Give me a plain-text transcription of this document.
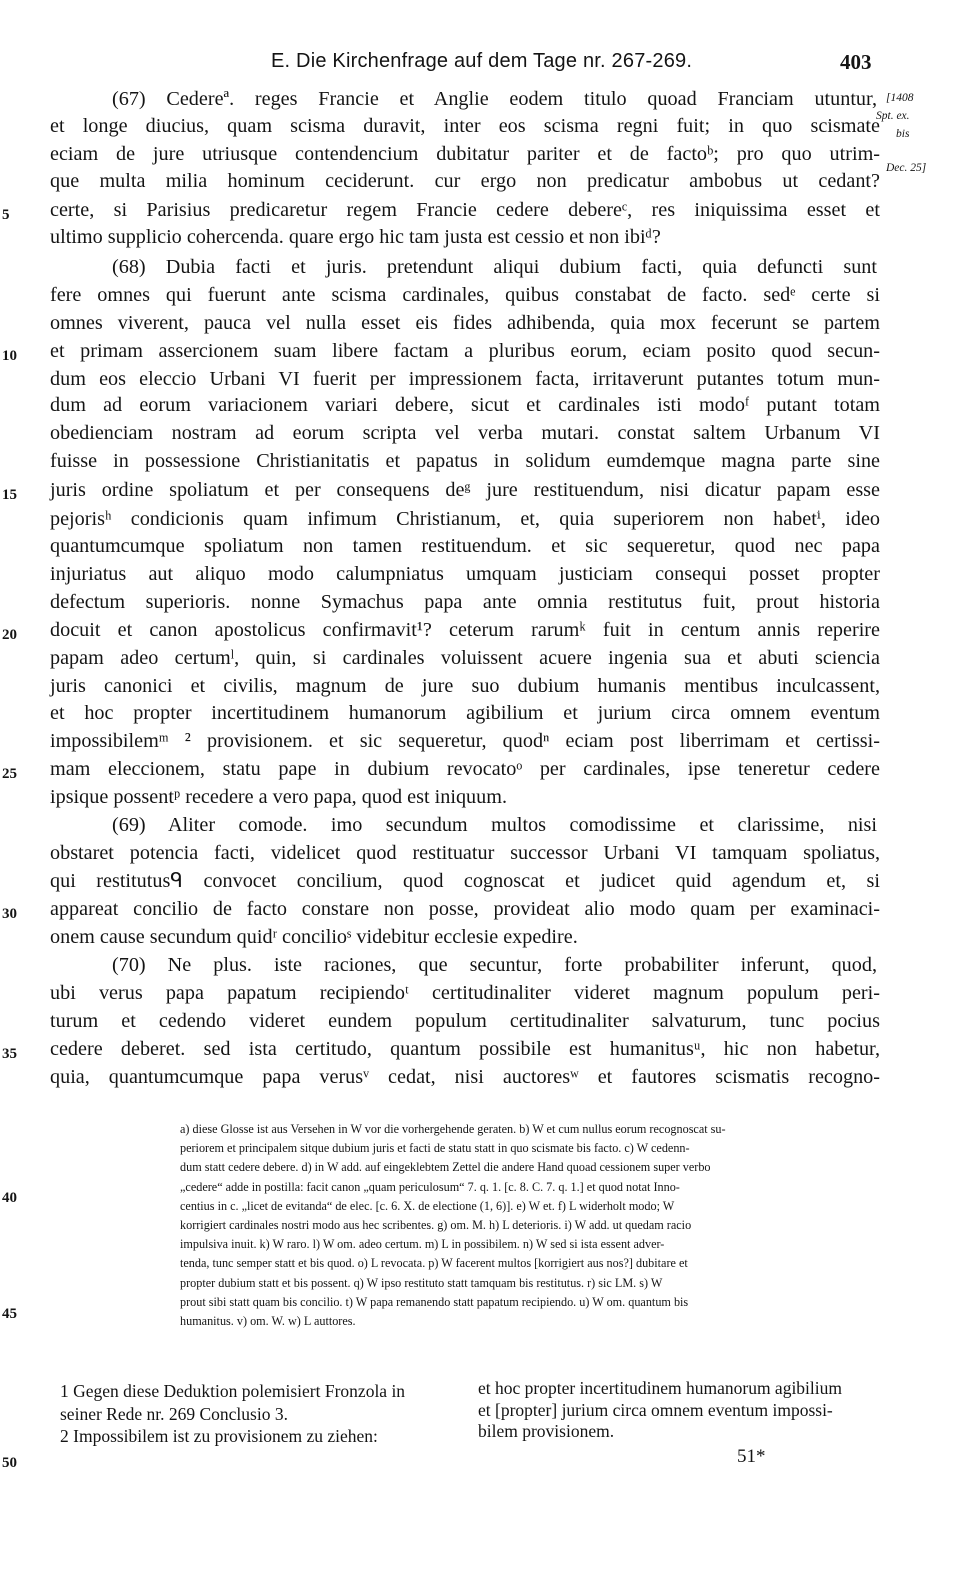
E. Die Kirchenfrage auf dem Tage nr. 267-269.	403
[1408
Spt. ex.
bis
Dec. 25]
(67) Cedereª. reges Francie et Anglie eodem titulo quoad Franciam utuntur,
et longe diucius, quam scisma duravit, inter eos scisma regni fuit; in quo scismate
eciam de jure utriusque contendencium dubitatur pariter et de factoᵇ; pro quo utrim-
que multa milia hominum ceciderunt. cur ergo non predicatur ambobus ut cedant?
certe, si Parisius predicaretur regem Francie cedere debereᶜ, res iniquissima esset et
ultimo supplicio cohercenda. quare ergo hic tam justa est cessio et non ibiᵈ?
(68) Dubia facti et juris. pretendunt aliqui dubium facti, quia defuncti sunt
fere omnes qui fuerunt ante scisma cardinales, quibus constabat de facto. sedᵉ certe si
omnes viverent, pauca vel nulla esset eis fides adhibenda, quia mox fecerunt se partem
et primam assercionem suam libere factam a pluribus eorum, eciam posito quod secun-
dum eos eleccio Urbani VI fuerit per impressionem facta, irritaverunt putantes totum mun-
dum ad eorum variacionem variari debere, sicut et cardinales isti modoᶠ putant totam
obedienciam nostram ad eorum scripta vel verba mutari. constat saltem Urbanum VI
fuisse in possessione Christianitatis et papatus in solidum eumdemque magna parte sine
juris ordine spoliatum et per consequens deᵍ jure restituendum, nisi dicatur papam esse
pejorisʰ condicionis quam infimum Christianum, et, quia superiorem non habetⁱ, ideo
quantumcumque spoliatum non tamen restituendum. et sic sequeretur, quod nec papa
injuriatus aut aliquo modo calumpniatus umquam justiciam consequi posset propter
defectum superioris. nonne Symachus papa ante omnia restitutus fuit, prout historia
docuit et canon apostolicus confirmavit¹? ceterum rarumᵏ fuit in centum annis reperire
papam adeo certumˡ, quin, si cardinales voluissent acuere ingenia sua et abuti sciencia
juris canonici et civilis, magnum de jure suo dubium humanis mentibus inculcassent,
et hoc propter incertitudinem humanorum agibilium et jurium circa omnem eventum
impossibilemᵐ ² provisionem. et sic sequeretur, quodⁿ eciam post liberrimam et certissi-
mam eleccionem, statu pape in dubium revocatoᵒ per cardinales, ipse teneretur cedere
ipsique possentᵖ recedere a vero papa, quod est iniquum.
(69) Aliter comode. imo secundum multos comodissime et clarissime, nisi
obstaret potencia facti, videlicet quod restituatur successor Urbani VI tamquam spoliatus,
qui restitutusᑫ convocet concilium, quod cognoscat et judicet quid agendum et, si
appareat concilio de facto constare non posse, provideat alio modo quam per examinaci-
onem cause secundum quidʳ concilioˢ videbitur ecclesie expedire.
(70) Ne plus. iste raciones, que secuntur, forte probabiliter inferunt, quod,
ubi verus papa papatum recipiendoᵗ certitudinaliter videret magnum populum peri-
turum et cedendo videret eundem populum certitudinaliter salvaturum, tunc pocius
cedere deberet. sed ista certitudo, quantum possibile est humanitusᵘ, hic non habetur,
quia, quantumcumque papa verusᵛ cedat, nisi auctoresʷ et fautores scismatis recogno-
5
10
15
20
25
30
35
40
45
50
a) diese Glosse ist aus Versehen in W vor die vorhergehende geraten. b) W et cum nullus eorum recognoscat su-
periorem et principalem sitque dubium juris et facti de statu statt in quo scismate bis facto. c) W cedenn-
dum statt cedere debere. d) in W add. auf eingeklebtem Zettel die andere Hand quoad cessionem super verbo
„cedere“ adde in postilla: facit canon „quam periculosum“ 7. q. 1. [c. 8. C. 7. q. 1.] et quod notat Inno-
centius in c. „licet de evitanda“ de elec. [c. 6. X. de electione (1, 6)]. e) W et. f) L widerholt modo; W
korrigiert cardinales nostri modo aus hec scribentes. g) om. M. h) L deterioris. i) W add. ut quedam racio
impulsiva inuit. k) W raro. l) W om. adeo certum. m) L in possibilem. n) W sed si ista essent adver-
tenda, tunc semper statt et bis quod. o) L revocata. p) W facerent multos [korrigiert aus nos?] dubitare et
propter dubium statt et bis possent. q) W ipso restituto statt tamquam bis restitutus. r) sic LM. s) W
prout sibi statt quam bis concilio. t) W papa remanendo statt papatum recipiendo. u) W om. quantum bis
humanitus. v) om. W. w) L auttores.
1 Gegen diese Deduktion polemisiert Fronzola in
seiner Rede nr. 269 Conclusio 3.
2 Impossibilem ist zu provisionem zu ziehen:
et hoc propter incertitudinem humanorum agibilium
et [propter] jurium circa omnem eventum impossi-
bilem provisionem.
51*
